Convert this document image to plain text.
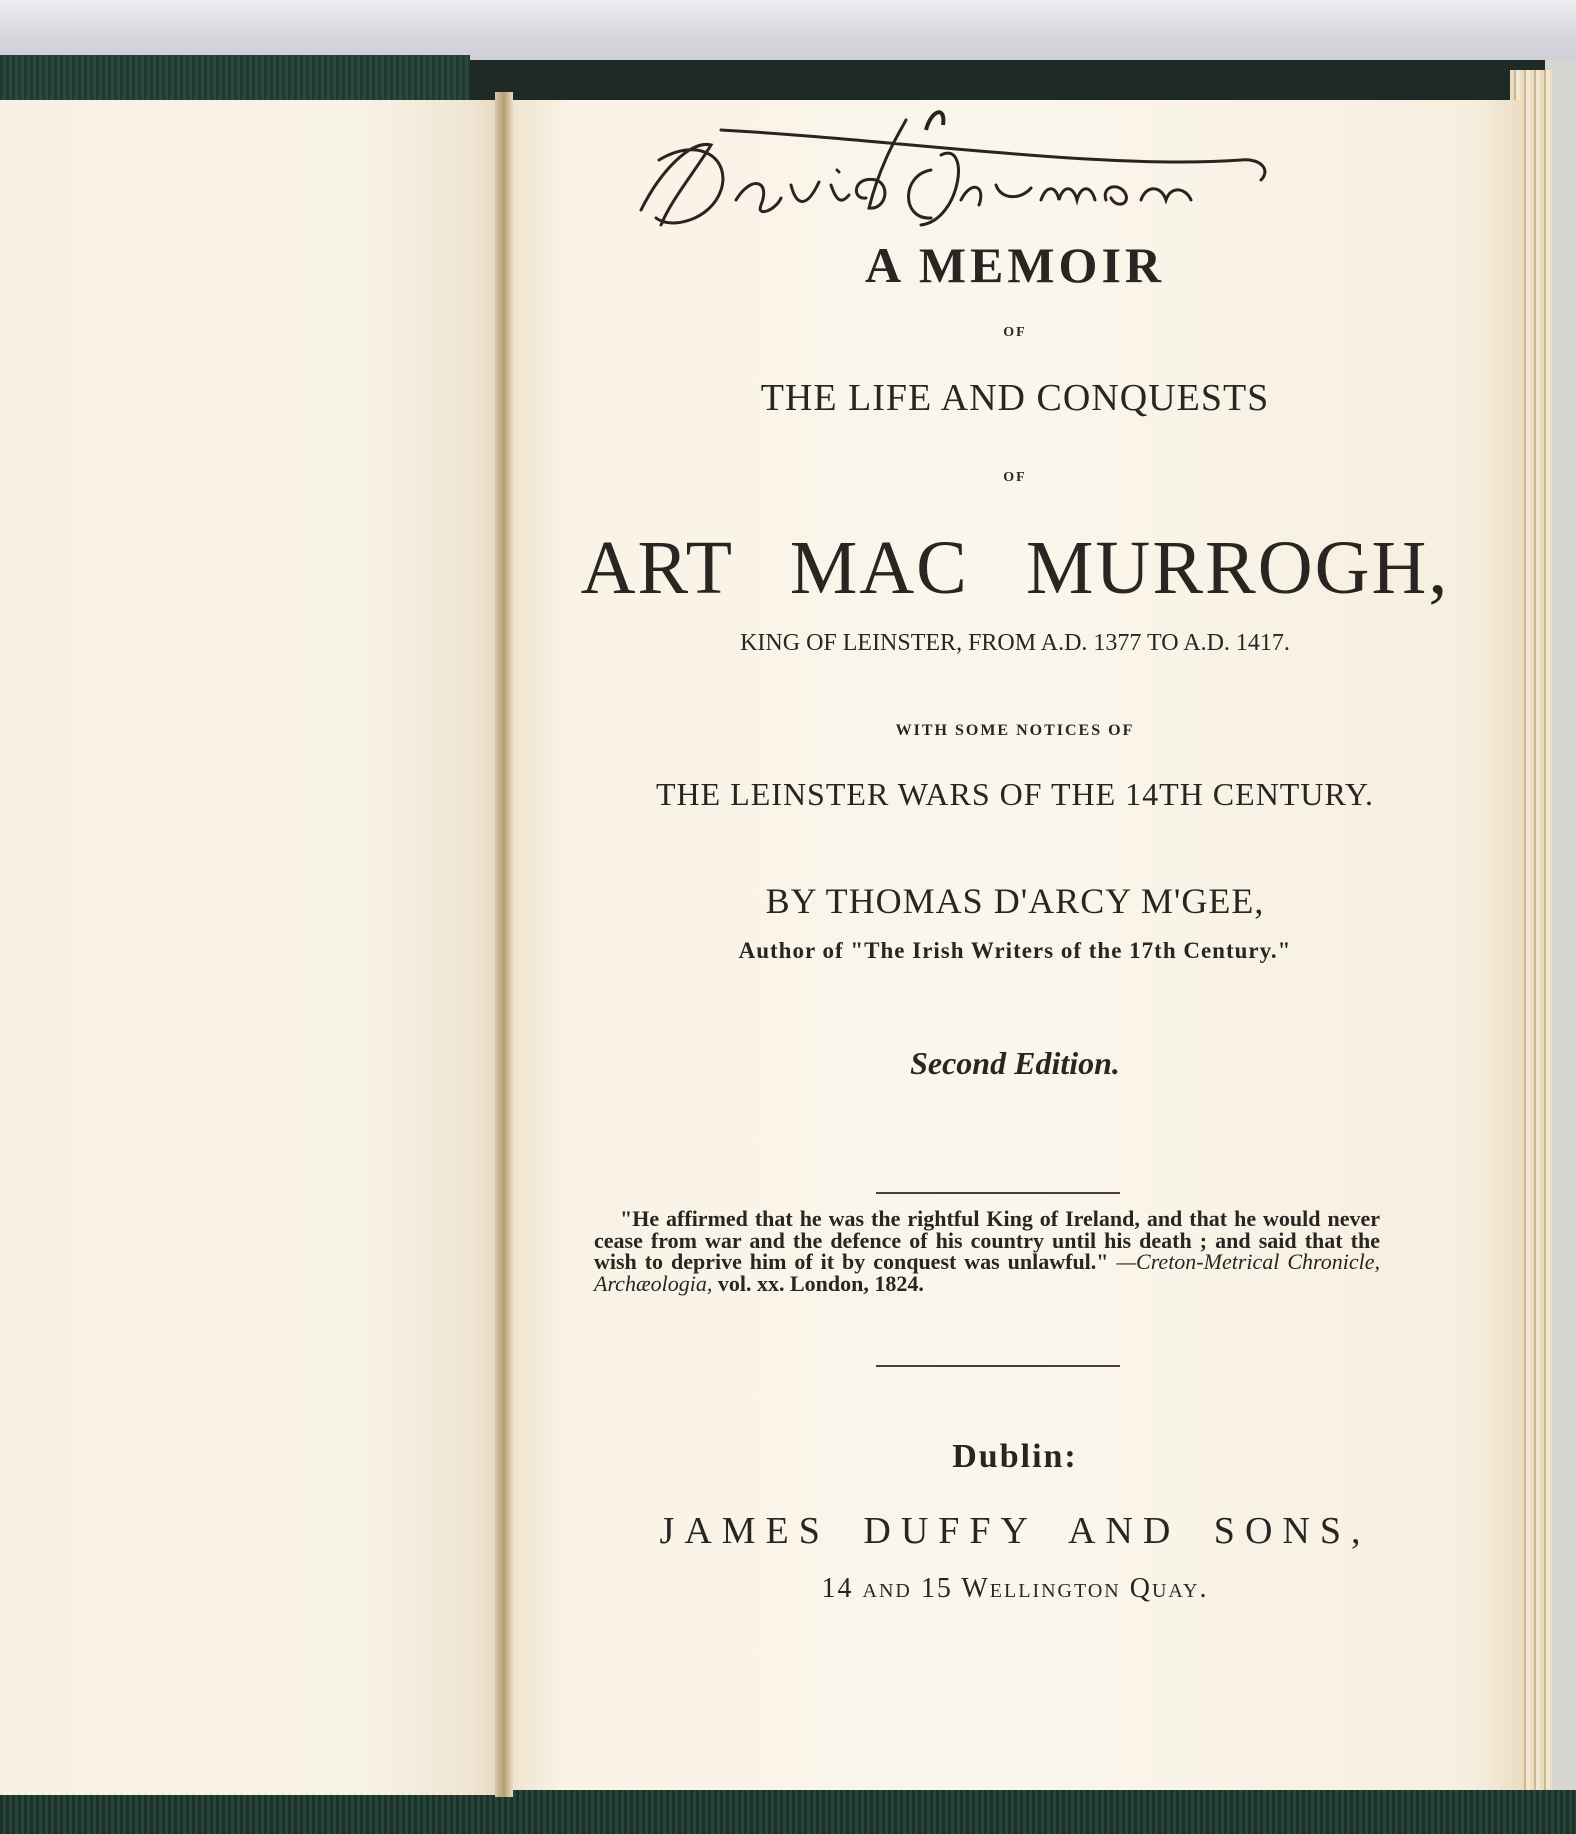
A MEMOIR
OF
THE LIFE AND CONQUESTS
OF
ART MAC MURROGH,
KING OF LEINSTER, FROM A.D. 1377 TO A.D. 1417.
WITH SOME NOTICES OF
THE LEINSTER WARS OF THE 14TH CENTURY.
BY THOMAS D'ARCY M'GEE,
Author of "The Irish Writers of the 17th Century."
Second Edition.
"He affirmed that he was the rightful King of Ireland, and that he would never cease from war and the defence of his country until his death ; and said that the wish to deprive him of it by conquest was unlawful." —Creton-Metrical Chronicle, Archæologia, vol. xx. London, 1824.
Dublin:
JAMES DUFFY AND SONS,
14 and 15 Wellington Quay.
